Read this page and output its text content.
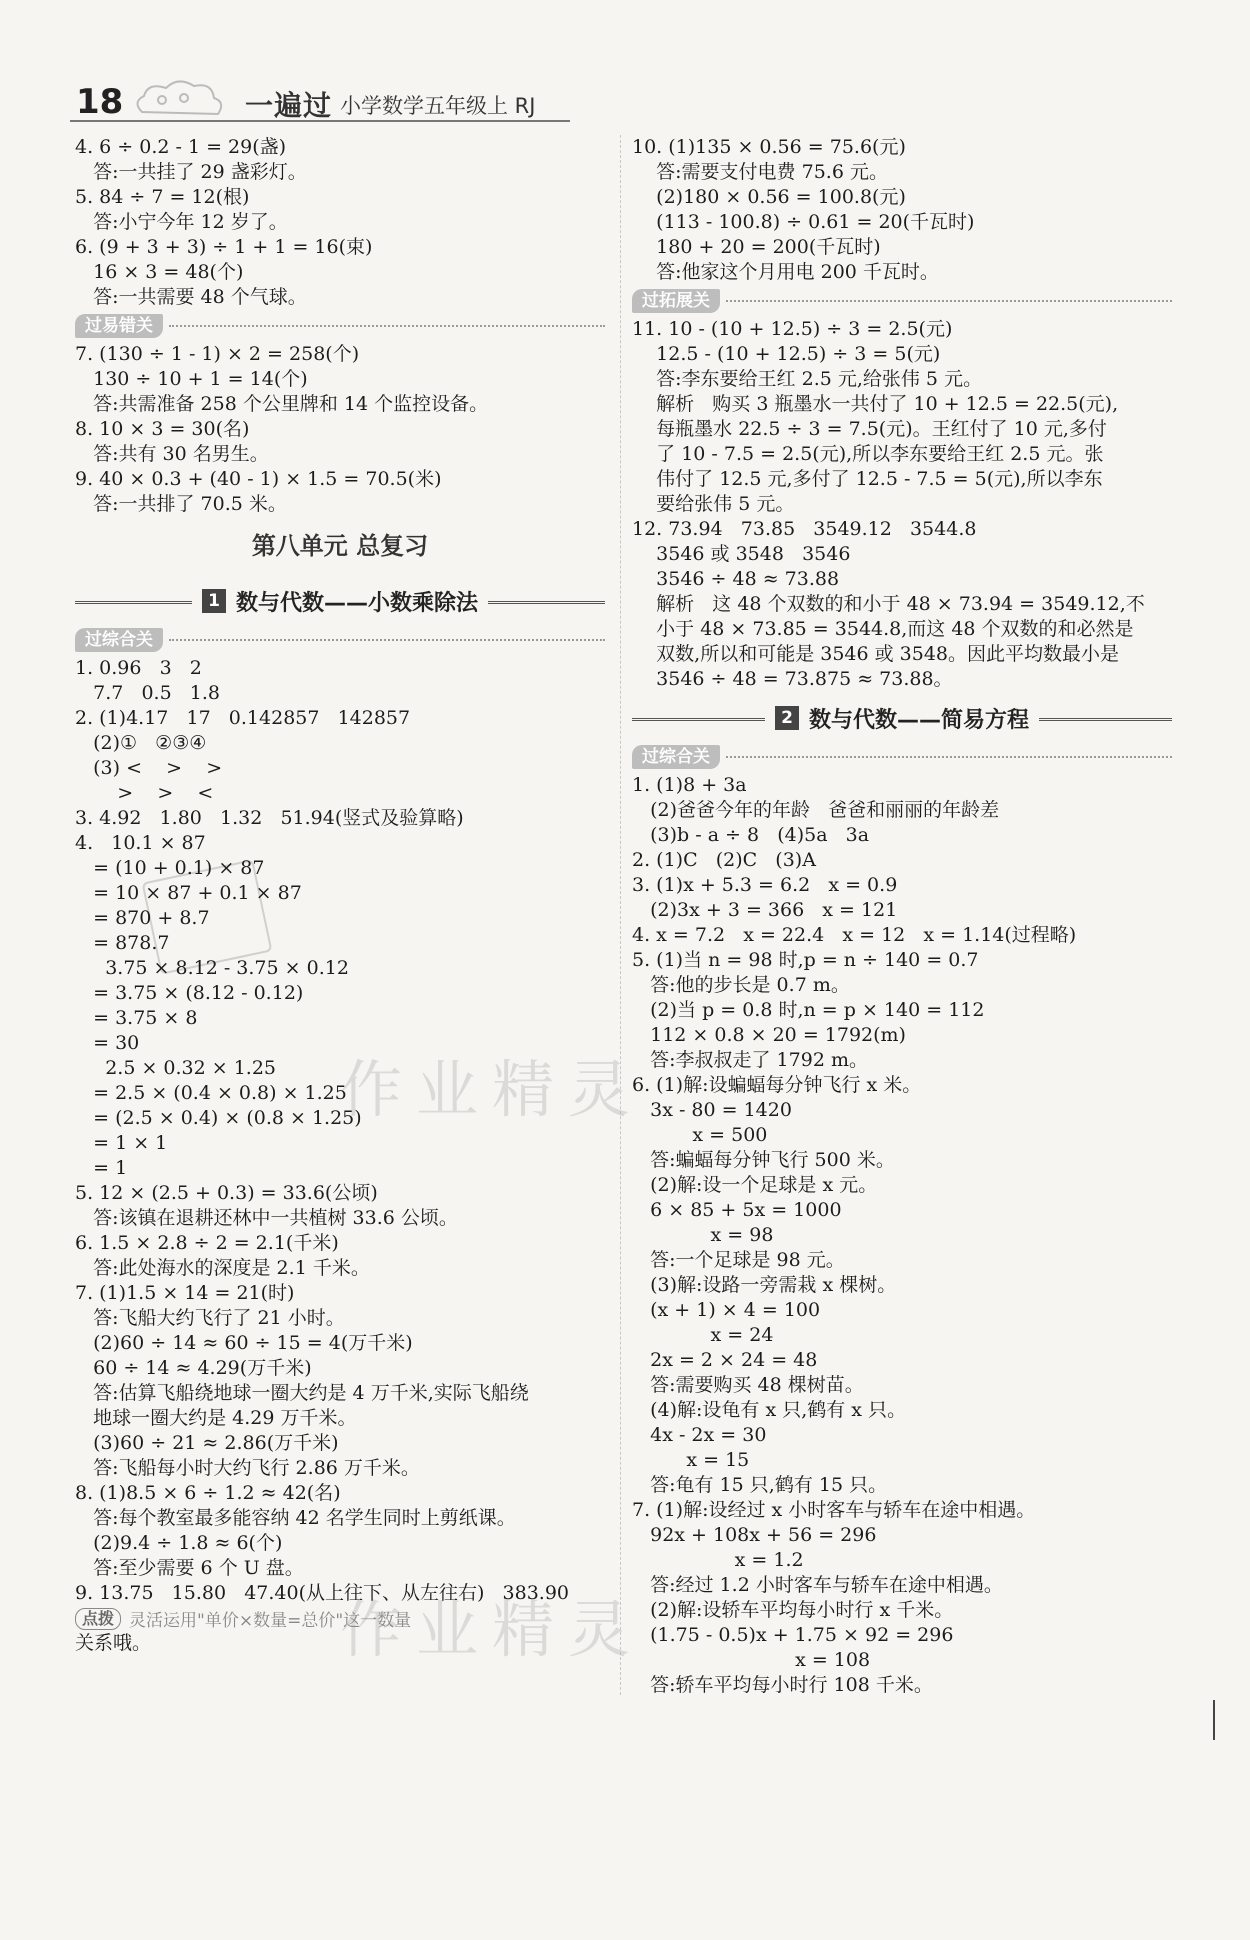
18	一遍过 小学数学五年级上 RJ
作业精灵
作业精灵
4. 6 ÷ 0.2 - 1 = 29(盏)
答:一共挂了 29 盏彩灯。
5. 84 ÷ 7 = 12(根)
答:小宁今年 12 岁了。
6. (9 + 3 + 3) ÷ 1 + 1 = 16(束)
16 × 3 = 48(个)
答:一共需要 48 个气球。
过易错关
7. (130 ÷ 1 - 1) × 2 = 258(个)
130 ÷ 10 + 1 = 14(个)
答:共需准备 258 个公里牌和 14 个监控设备。
8. 10 × 3 = 30(名)
答:共有 30 名男生。
9. 40 × 0.3 + (40 - 1) × 1.5 = 70.5(米)
答:一共排了 70.5 米。
第八单元 总复习
1 数与代数——小数乘除法
过综合关
1. 0.96   3   2
7.7   0.5   1.8
2. (1)4.17   17   0.142857   142857
(2)①   ②③④
(3) <    >    >
>    >    <
3. 4.92   1.80   1.32   51.94(竖式及验算略)
4.   10.1 × 87
= (10 + 0.1) × 87
= 10 × 87 + 0.1 × 87
= 870 + 8.7
= 878.7
3.75 × 8.12 - 3.75 × 0.12
= 3.75 × (8.12 - 0.12)
= 3.75 × 8
= 30
2.5 × 0.32 × 1.25
= 2.5 × (0.4 × 0.8) × 1.25
= (2.5 × 0.4) × (0.8 × 1.25)
= 1 × 1
= 1
5. 12 × (2.5 + 0.3) = 33.6(公顷)
答:该镇在退耕还林中一共植树 33.6 公顷。
6. 1.5 × 2.8 ÷ 2 = 2.1(千米)
答:此处海水的深度是 2.1 千米。
7. (1)1.5 × 14 = 21(时)
答:飞船大约飞行了 21 小时。
(2)60 ÷ 14 ≈ 60 ÷ 15 = 4(万千米)
60 ÷ 14 ≈ 4.29(万千米)
答:估算飞船绕地球一圈大约是 4 万千米,实际飞船绕
地球一圈大约是 4.29 万千米。
(3)60 ÷ 21 ≈ 2.86(万千米)
答:飞船每小时大约飞行 2.86 万千米。
8. (1)8.5 × 6 ÷ 1.2 ≈ 42(名)
答:每个教室最多能容纳 42 名学生同时上剪纸课。
(2)9.4 ÷ 1.8 ≈ 6(个)
答:至少需要 6 个 U 盘。
9. 13.75   15.80   47.40(从上往下、从左往右)   383.90
点拨 灵活运用"单价×数量=总价"这一数量
关系哦。
10. (1)135 × 0.56 = 75.6(元)
答:需要支付电费 75.6 元。
(2)180 × 0.56 = 100.8(元)
(113 - 100.8) ÷ 0.61 = 20(千瓦时)
180 + 20 = 200(千瓦时)
答:他家这个月用电 200 千瓦时。
过拓展关
11. 10 - (10 + 12.5) ÷ 3 = 2.5(元)
12.5 - (10 + 12.5) ÷ 3 = 5(元)
答:李东要给王红 2.5 元,给张伟 5 元。
解析   购买 3 瓶墨水一共付了 10 + 12.5 = 22.5(元),
每瓶墨水 22.5 ÷ 3 = 7.5(元)。王红付了 10 元,多付
了 10 - 7.5 = 2.5(元),所以李东要给王红 2.5 元。张
伟付了 12.5 元,多付了 12.5 - 7.5 = 5(元),所以李东
要给张伟 5 元。
12. 73.94   73.85   3549.12   3544.8
3546 或 3548   3546
3546 ÷ 48 ≈ 73.88
解析   这 48 个双数的和小于 48 × 73.94 = 3549.12,不
小于 48 × 73.85 = 3544.8,而这 48 个双数的和必然是
双数,所以和可能是 3546 或 3548。因此平均数最小是
3546 ÷ 48 = 73.875 ≈ 73.88。
2 数与代数——简易方程
过综合关
1. (1)8 + 3a
(2)爸爸今年的年龄   爸爸和丽丽的年龄差
(3)b - a ÷ 8   (4)5a   3a
2. (1)C   (2)C   (3)A
3. (1)x + 5.3 = 6.2   x = 0.9
(2)3x + 3 = 366   x = 121
4. x = 7.2   x = 22.4   x = 12   x = 1.14(过程略)
5. (1)当 n = 98 时,p = n ÷ 140 = 0.7
答:他的步长是 0.7 m。
(2)当 p = 0.8 时,n = p × 140 = 112
112 × 0.8 × 20 = 1792(m)
答:李叔叔走了 1792 m。
6. (1)解:设蝙蝠每分钟飞行 x 米。
3x - 80 = 1420
x = 500
答:蝙蝠每分钟飞行 500 米。
(2)解:设一个足球是 x 元。
6 × 85 + 5x = 1000
x = 98
答:一个足球是 98 元。
(3)解:设路一旁需栽 x 棵树。
(x + 1) × 4 = 100
x = 24
2x = 2 × 24 = 48
答:需要购买 48 棵树苗。
(4)解:设龟有 x 只,鹤有 x 只。
4x - 2x = 30
x = 15
答:龟有 15 只,鹤有 15 只。
7. (1)解:设经过 x 小时客车与轿车在途中相遇。
92x + 108x + 56 = 296
x = 1.2
答:经过 1.2 小时客车与轿车在途中相遇。
(2)解:设轿车平均每小时行 x 千米。
(1.75 - 0.5)x + 1.75 × 92 = 296
x = 108
答:轿车平均每小时行 108 千米。
